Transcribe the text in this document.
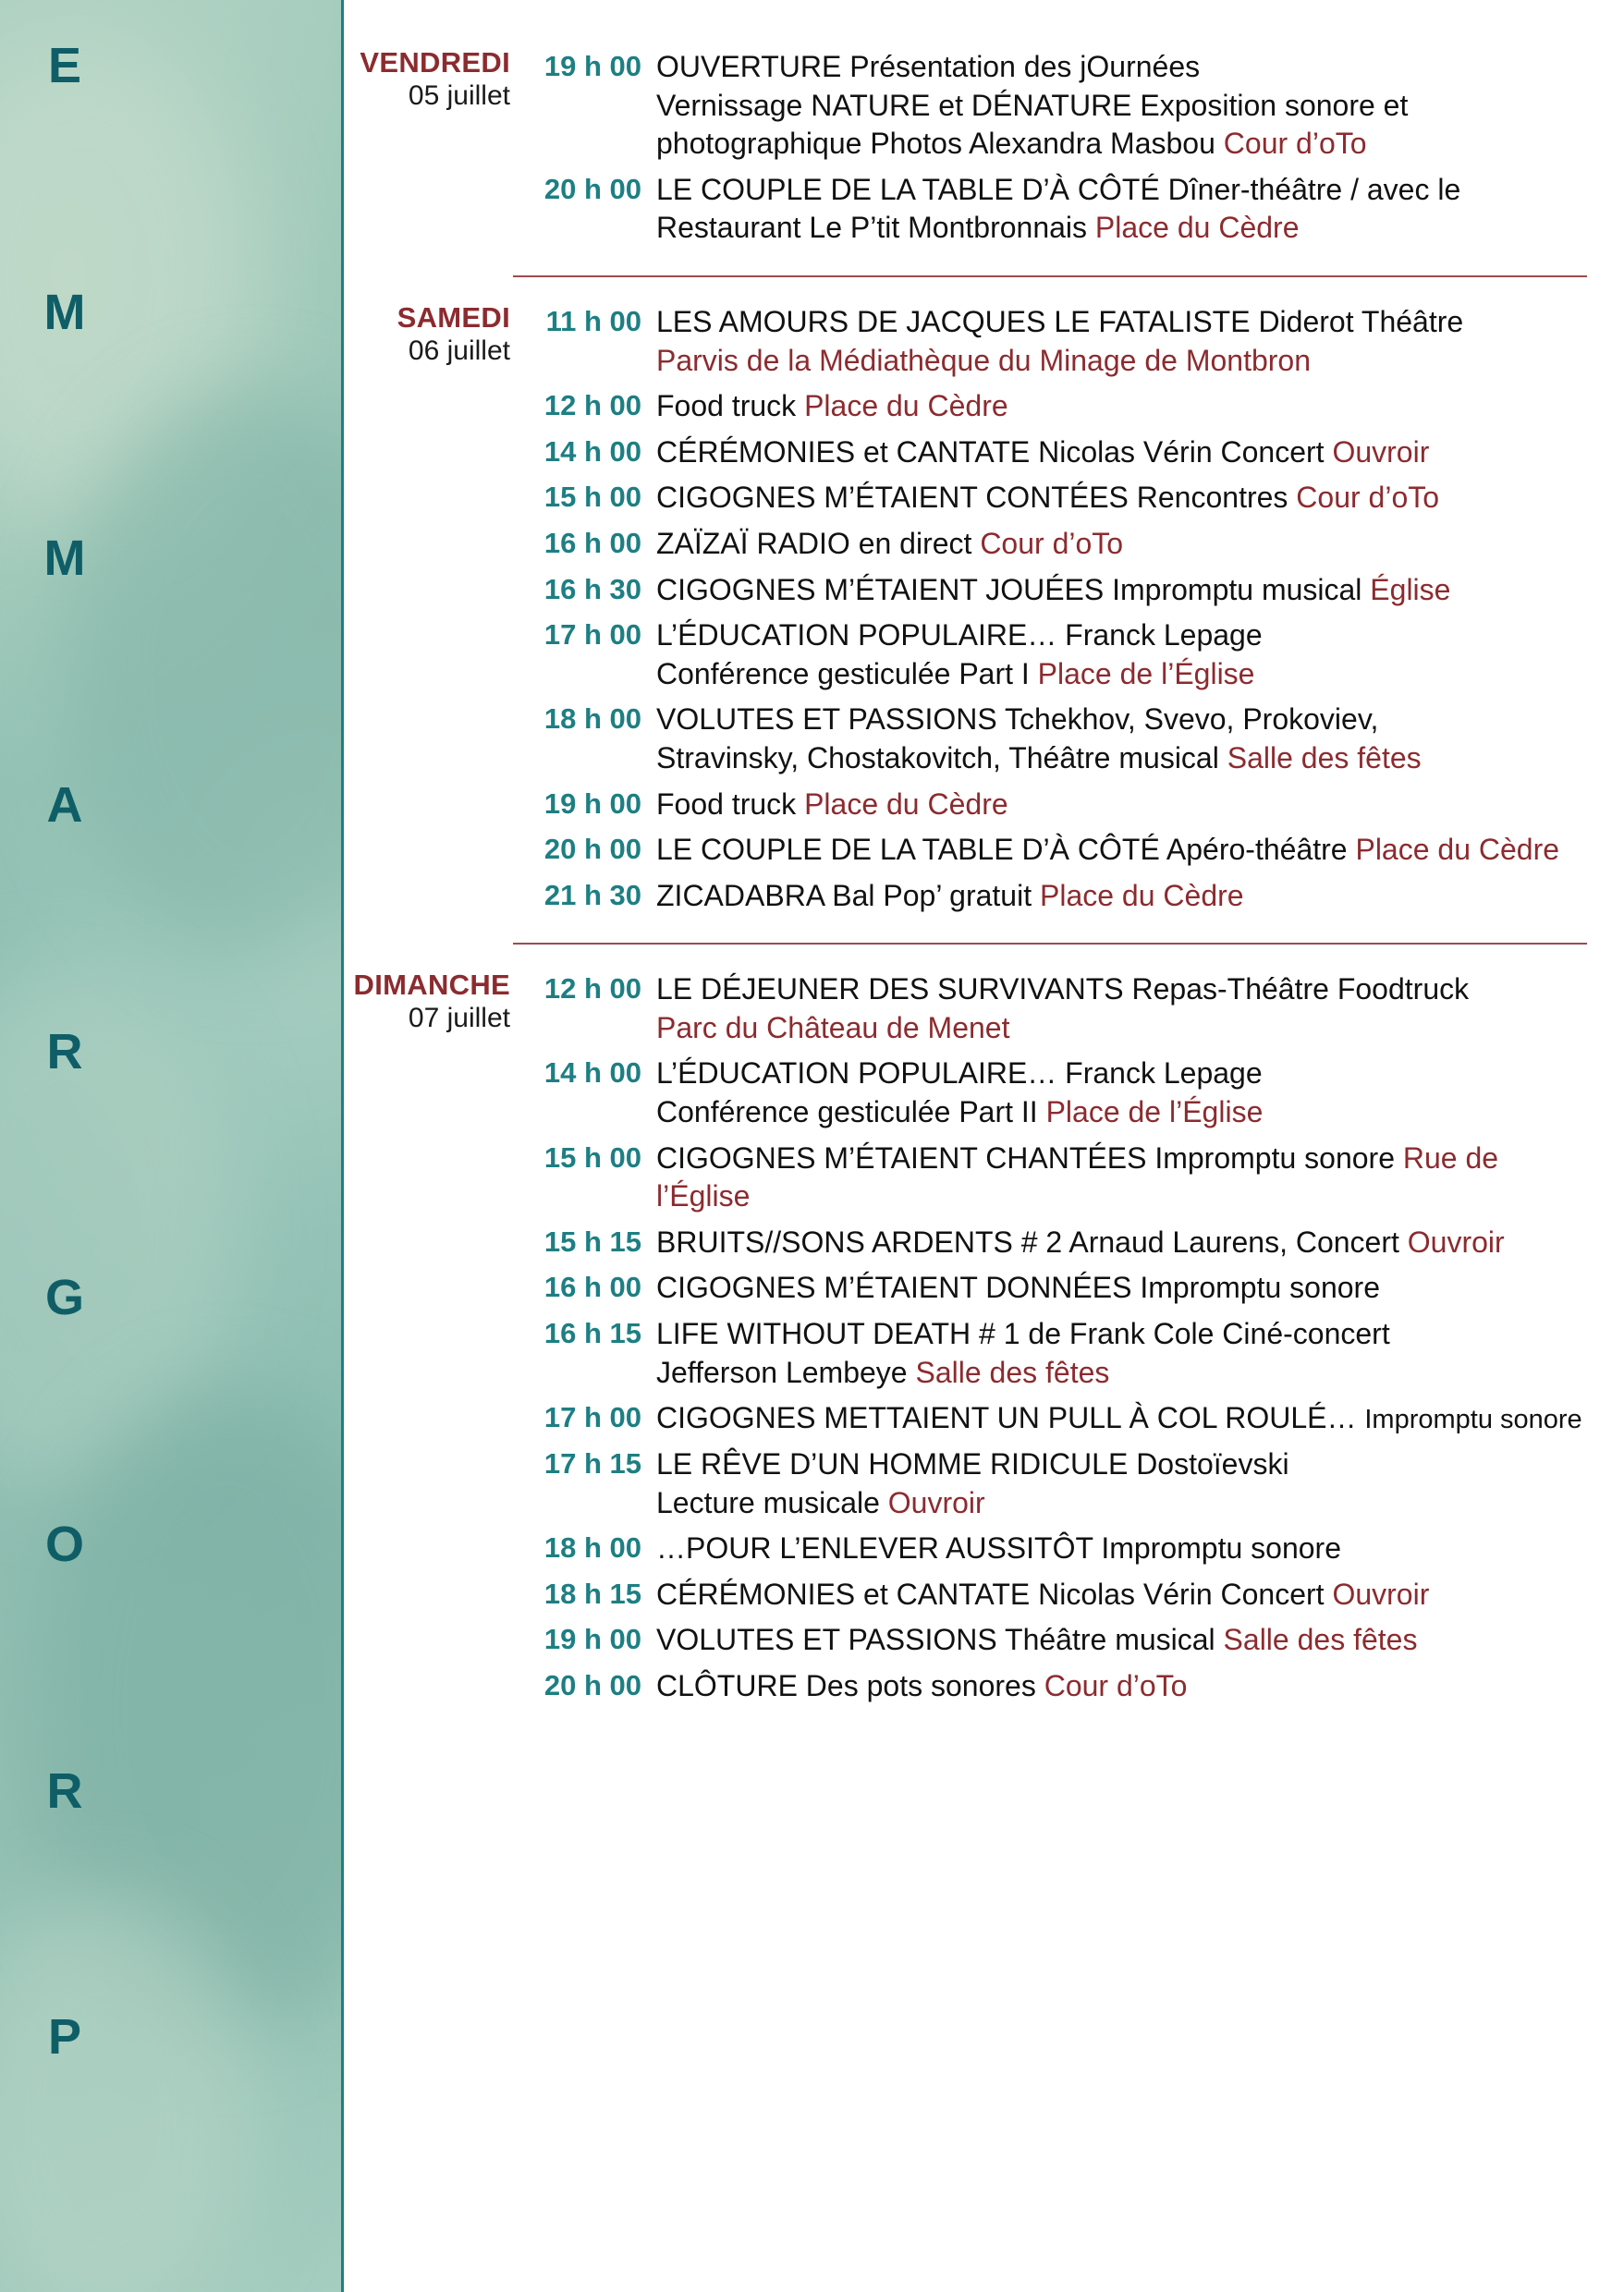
P
R
O
G
R
A
M
M
E	VENDREDI
05 juillet
19 h 00 OUVERTURE Présentation des jOurnées
Vernissage NATURE et DÉNATURE Exposition sonore et
photographique Photos Alexandra Masbou Cour d’oTo
20 h 00 LE COUPLE DE LA TABLE D’À CÔTÉ Dîner-théâtre / avec le
Restaurant Le P’tit Montbronnais Place du Cèdre
SAMEDI
06 juillet
11 h 00 LES AMOURS DE JACQUES LE FATALISTE Diderot Théâtre
Parvis de la Médiathèque du Minage de Montbron
12 h 00 Food truck Place du Cèdre
14 h 00 CÉRÉMONIES et CANTATE Nicolas Vérin Concert Ouvroir
15 h 00 CIGOGNES M’ÉTAIENT CONTÉES Rencontres Cour d’oTo
16 h 00 ZAÏZAÏ RADIO en direct Cour d’oTo
16 h 30 CIGOGNES M’ÉTAIENT JOUÉES Impromptu musical Église
17 h 00 L’ÉDUCATION POPULAIRE… Franck Lepage
Conférence gesticulée Part I Place de l’Église
18 h 00 VOLUTES ET PASSIONS Tchekhov, Svevo, Prokoviev,
Stravinsky, Chostakovitch, Théâtre musical Salle des fêtes
19 h 00 Food truck Place du Cèdre
20 h 00 LE COUPLE DE LA TABLE D’À CÔTÉ Apéro-théâtre Place du Cèdre
21 h 30 ZICADABRA Bal Pop’ gratuit Place du Cèdre
DIMANCHE
07 juillet
12 h 00 LE DÉJEUNER DES SURVIVANTS Repas-Théâtre Foodtruck
Parc du Château de Menet
14 h 00 L’ÉDUCATION POPULAIRE… Franck Lepage
Conférence gesticulée Part II Place de l’Église
15 h 00 CIGOGNES M’ÉTAIENT CHANTÉES Impromptu sonore Rue de l’Église
15 h 15 BRUITS//SONS ARDENTS # 2 Arnaud Laurens, Concert Ouvroir
16 h 00 CIGOGNES M’ÉTAIENT DONNÉES Impromptu sonore
16 h 15 LIFE WITHOUT DEATH # 1 de Frank Cole Ciné-concert
Jefferson Lembeye Salle des fêtes
17 h 00 CIGOGNES METTAIENT UN PULL À COL ROULÉ… Impromptu sonore
17 h 15 LE RÊVE D’UN HOMME RIDICULE Dostoïevski
Lecture musicale Ouvroir
18 h 00 …POUR L’ENLEVER AUSSITÔT Impromptu sonore
18 h 15 CÉRÉMONIES et CANTATE Nicolas Vérin Concert Ouvroir
19 h 00 VOLUTES ET PASSIONS Théâtre musical Salle des fêtes
20 h 00 CLÔTURE Des pots sonores Cour d’oTo
